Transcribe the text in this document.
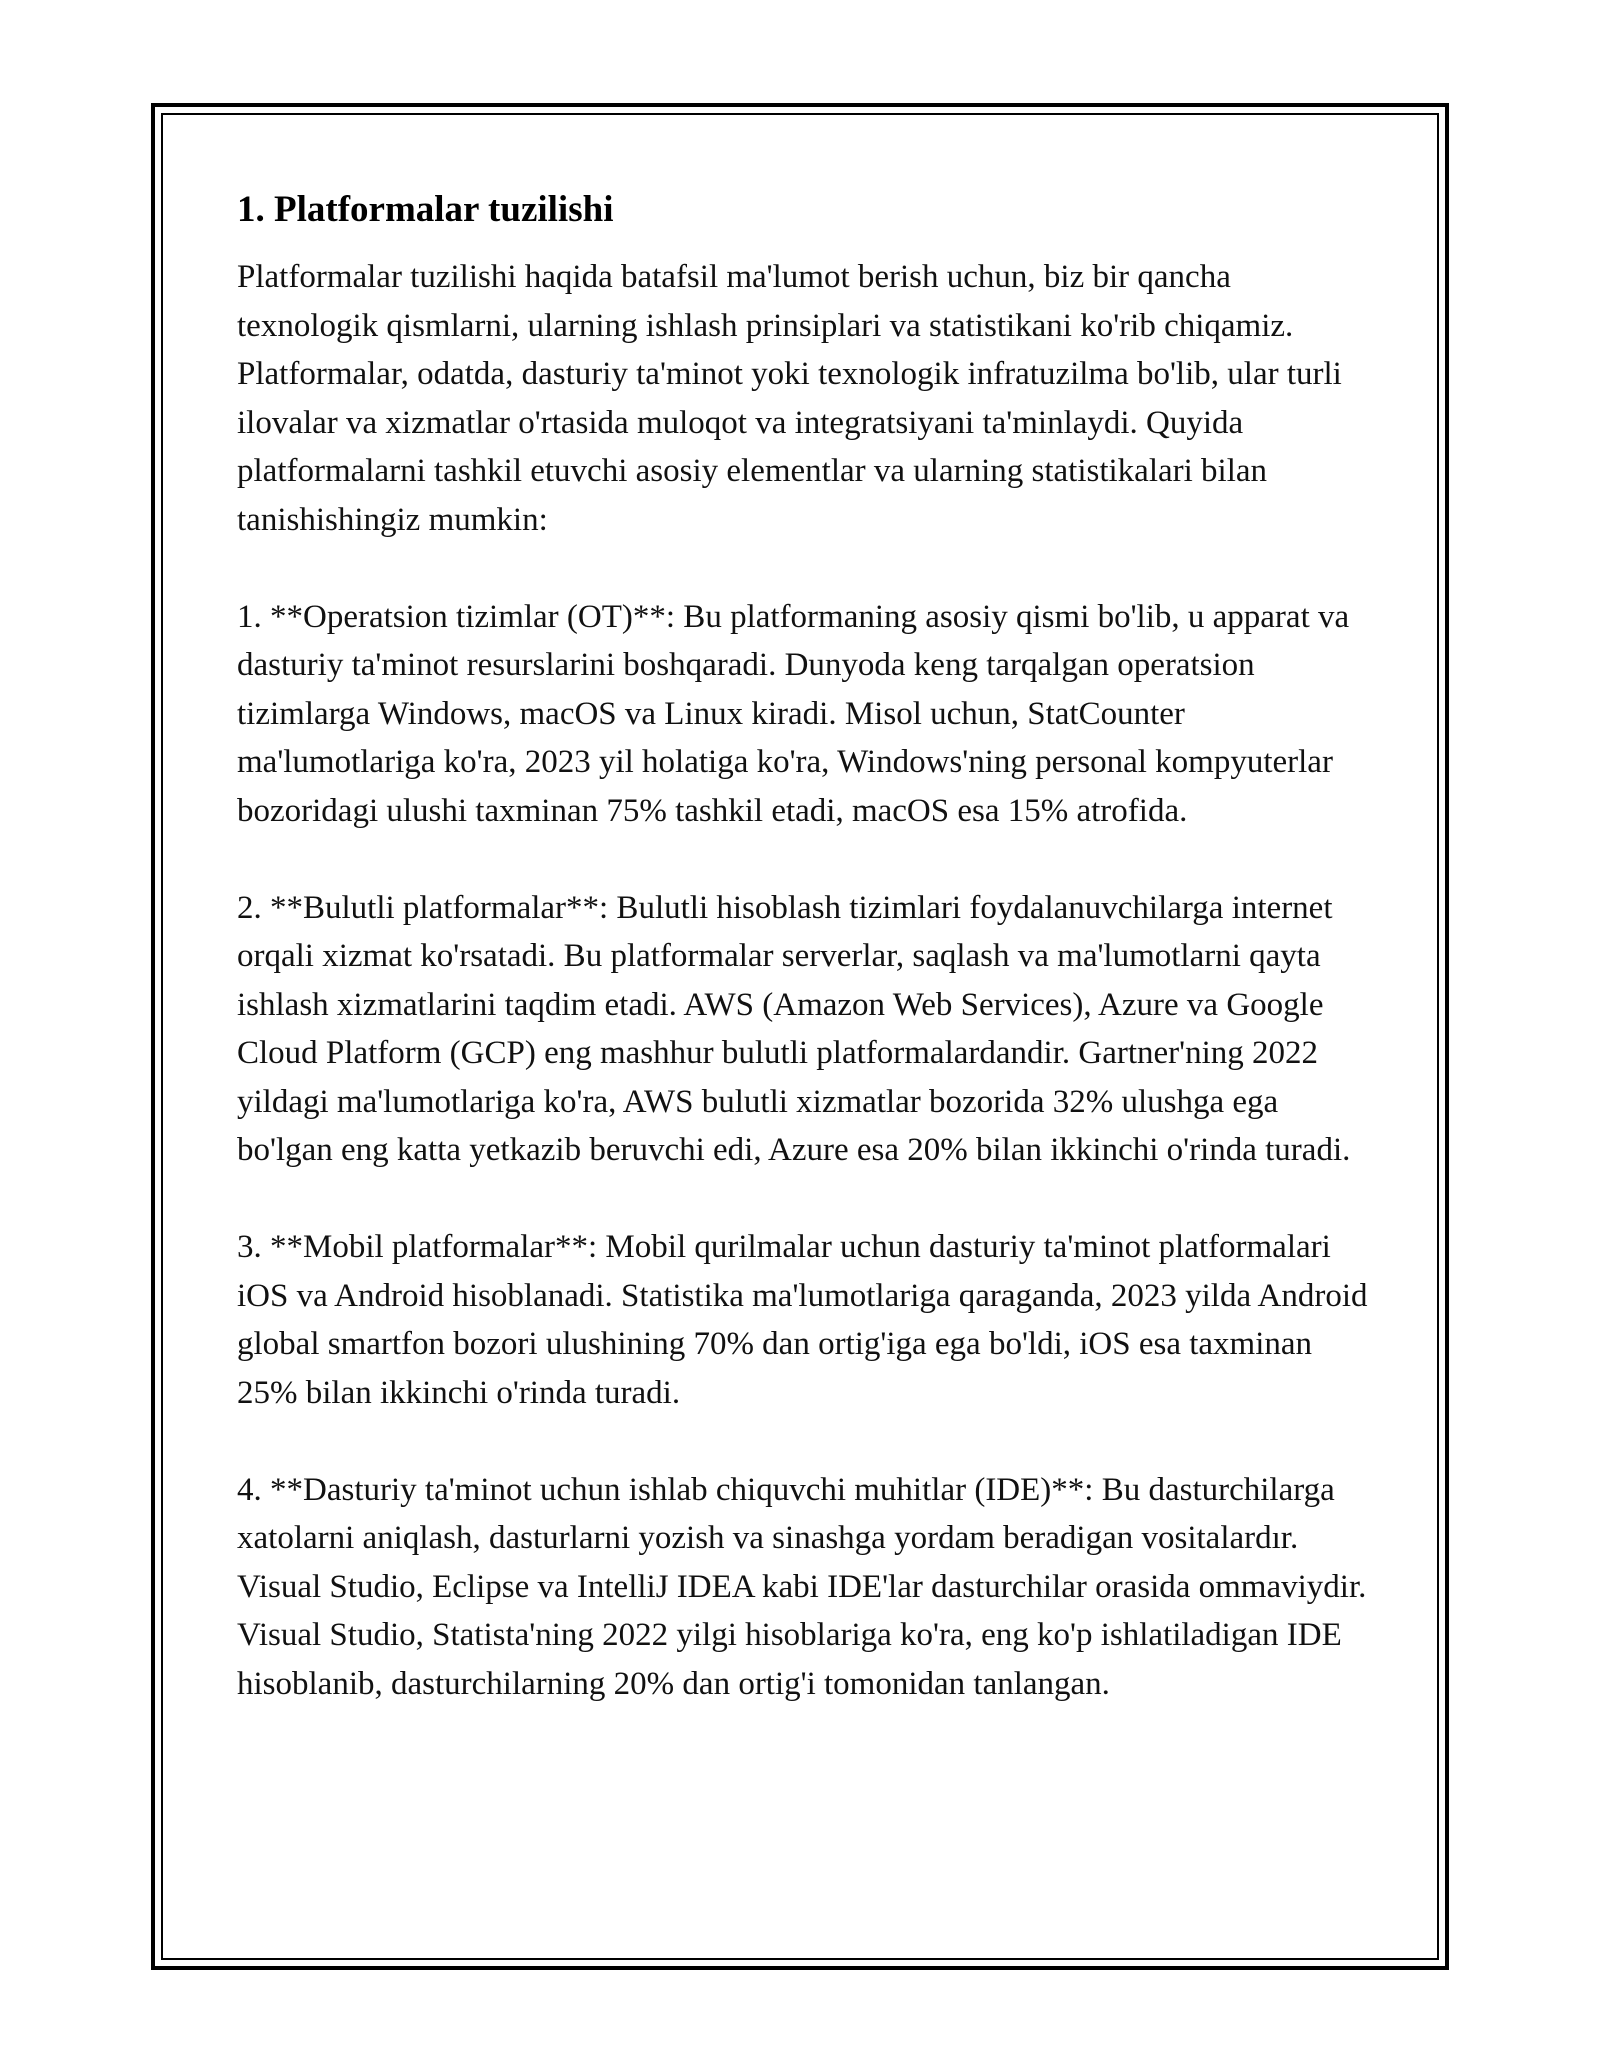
1. Platformalar tuzilishi

Platformalar tuzilishi haqida batafsil ma'lumot berish uchun, biz bir qancha texnologik qismlarni, ularning ishlash prinsiplari va statistikani ko'rib chiqamiz. Platformalar, odatda, dasturiy ta'minot yoki texnologik infratuzilma bo'lib, ular turli ilovalar va xizmatlar o'rtasida muloqot va integratsiyani ta'minlaydi. Quyida platformalarni tashkil etuvchi asosiy elementlar va ularning statistikalari bilan tanishishingiz mumkin:

1. **Operatsion tizimlar (OT)**: Bu platformaning asosiy qismi bo'lib, u apparat va dasturiy ta'minot resurslarini boshqaradi. Dunyoda keng tarqalgan operatsion tizimlarga Windows, macOS va Linux kiradi. Misol uchun, StatCounter ma'lumotlariga ko'ra, 2023 yil holatiga ko'ra, Windows'ning personal kompyuterlar bozoridagi ulushi taxminan 75% tashkil etadi, macOS esa 15% atrofida.

2. **Bulutli platformalar**: Bulutli hisoblash tizimlari foydalanuvchilarga internet orqali xizmat ko'rsatadi. Bu platformalar serverlar, saqlash va ma'lumotlarni qayta ishlash xizmatlarini taqdim etadi. AWS (Amazon Web Services), Azure va Google Cloud Platform (GCP) eng mashhur bulutli platformalardandir. Gartner'ning 2022 yildagi ma'lumotlariga ko'ra, AWS bulutli xizmatlar bozorida 32% ulushga ega bo'lgan eng katta yetkazib beruvchi edi, Azure esa 20% bilan ikkinchi o'rinda turadi.

3. **Mobil platformalar**: Mobil qurilmalar uchun dasturiy ta'minot platformalari iOS va Android hisoblanadi. Statistika ma'lumotlariga qaraganda, 2023 yilda Android global smartfon bozori ulushining 70% dan ortig'iga ega bo'ldi, iOS esa taxminan 25% bilan ikkinchi o'rinda turadi.

4. **Dasturiy ta'minot uchun ishlab chiquvchi muhitlar (IDE)**: Bu dasturchilarga xatolarni aniqlash, dasturlarni yozish va sinashga yordam beradigan vositalardır. Visual Studio, Eclipse va IntelliJ IDEA kabi IDE'lar dasturchilar orasida ommaviydir. Visual Studio, Statista'ning 2022 yilgi hisoblariga ko'ra, eng ko'p ishlatiladigan IDE hisoblanib, dasturchilarning 20% dan ortig'i tomonidan tanlangan.
